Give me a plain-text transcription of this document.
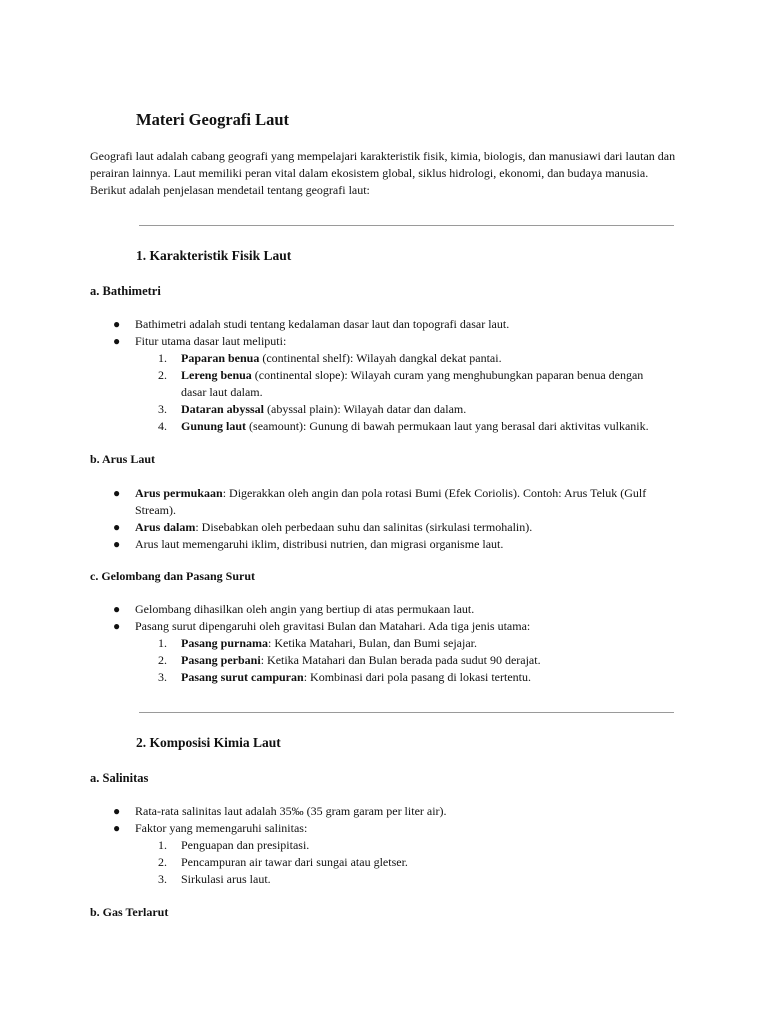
Materi Geografi Laut
Geografi laut adalah cabang geografi yang mempelajari karakteristik fisik, kimia, biologis, dan manusiawi dari lautan dan perairan lainnya. Laut memiliki peran vital dalam ekosistem global, siklus hidrologi, ekonomi, dan budaya manusia. Berikut adalah penjelasan mendetail tentang geografi laut:
1. Karakteristik Fisik Laut
a. Bathimetri
● Bathimetri adalah studi tentang kedalaman dasar laut dan topografi dasar laut.
● Fitur utama dasar laut meliputi:
1. Paparan benua (continental shelf): Wilayah dangkal dekat pantai.
2. Lereng benua (continental slope): Wilayah curam yang menghubungkan paparan benua dengan dasar laut dalam.
3. Dataran abyssal (abyssal plain): Wilayah datar dan dalam.
4. Gunung laut (seamount): Gunung di bawah permukaan laut yang berasal dari aktivitas vulkanik.
b. Arus Laut
● Arus permukaan: Digerakkan oleh angin dan pola rotasi Bumi (Efek Coriolis). Contoh: Arus Teluk (Gulf Stream).
● Arus dalam: Disebabkan oleh perbedaan suhu dan salinitas (sirkulasi termohalin).
● Arus laut memengaruhi iklim, distribusi nutrien, dan migrasi organisme laut.
c. Gelombang dan Pasang Surut
● Gelombang dihasilkan oleh angin yang bertiup di atas permukaan laut.
● Pasang surut dipengaruhi oleh gravitasi Bulan dan Matahari. Ada tiga jenis utama:
1. Pasang purnama: Ketika Matahari, Bulan, dan Bumi sejajar.
2. Pasang perbani: Ketika Matahari dan Bulan berada pada sudut 90 derajat.
3. Pasang surut campuran: Kombinasi dari pola pasang di lokasi tertentu.
2. Komposisi Kimia Laut
a. Salinitas
● Rata-rata salinitas laut adalah 35‰ (35 gram garam per liter air).
● Faktor yang memengaruhi salinitas:
1. Penguapan dan presipitasi.
2. Pencampuran air tawar dari sungai atau gletser.
3. Sirkulasi arus laut.
b. Gas Terlarut
